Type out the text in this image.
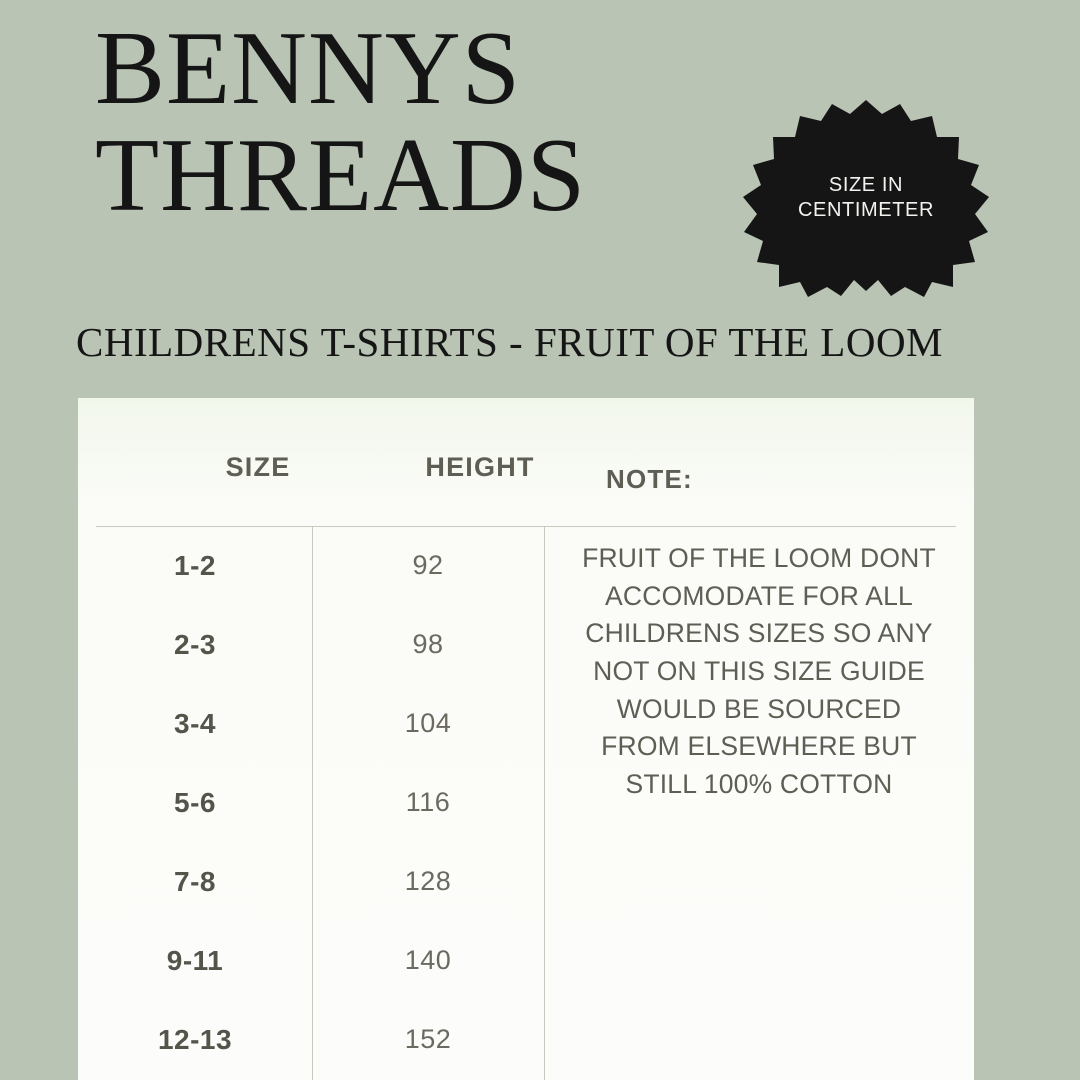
BENNYS
THREADS
CHILDRENS T-SHIRTS - FRUIT OF THE LOOM
SIZE IN
CENTIMETER
SIZE	HEIGHT	NOTE:
1-2	92
2-3	98
3-4	104
5-6	116
7-8	128
9-11	140
12-13	152
FRUIT OF THE LOOM DONT
ACCOMODATE FOR ALL
CHILDRENS SIZES SO ANY
NOT ON THIS SIZE GUIDE
WOULD BE SOURCED
FROM ELSEWHERE BUT
STILL 100% COTTON
